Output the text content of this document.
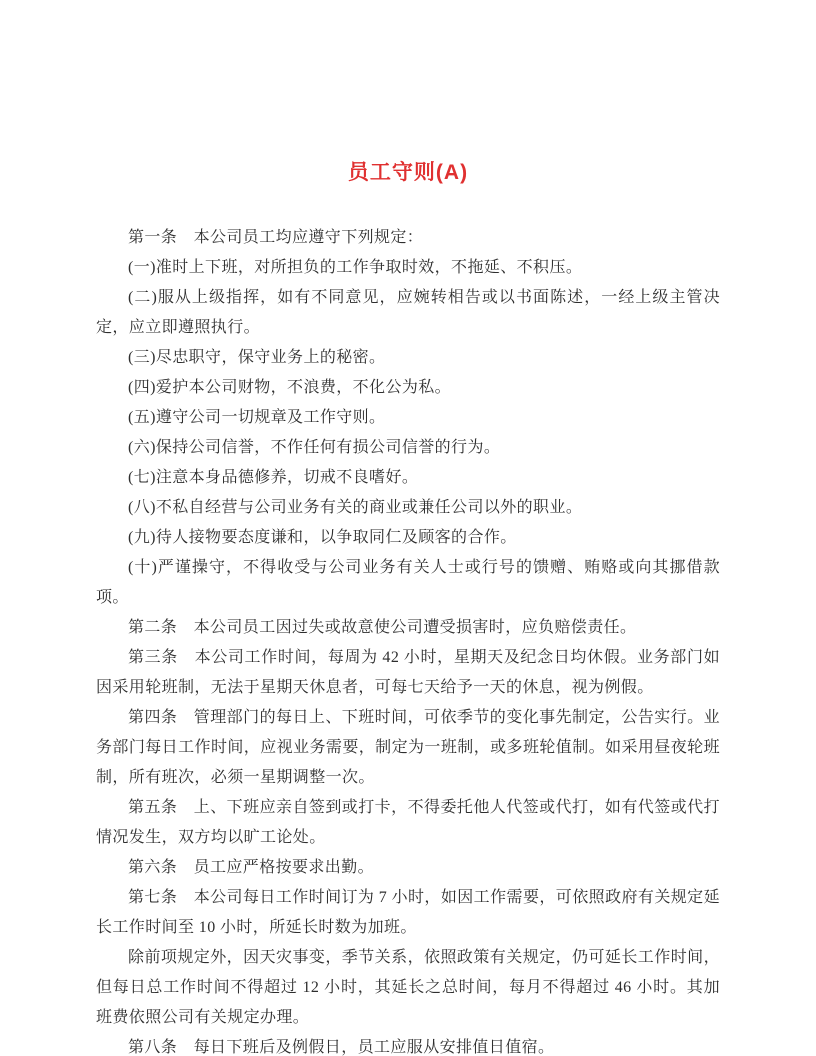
员工守则(A)

第一条　本公司员工均应遵守下列规定：

(一)准时上下班，对所担负的工作争取时效，不拖延、不积压。

(二)服从上级指挥，如有不同意见，应婉转相告或以书面陈述，一经上级主管决定，应立即遵照执行。

(三)尽忠职守，保守业务上的秘密。

(四)爱护本公司财物，不浪费，不化公为私。

(五)遵守公司一切规章及工作守则。

(六)保持公司信誉，不作任何有损公司信誉的行为。

(七)注意本身品德修养，切戒不良嗜好。

(八)不私自经营与公司业务有关的商业或兼任公司以外的职业。

(九)待人接物要态度谦和，以争取同仁及顾客的合作。

(十)严谨操守，不得收受与公司业务有关人士或行号的馈赠、贿赂或向其挪借款项。

第二条　本公司员工因过失或故意使公司遭受损害时，应负赔偿责任。

第三条　本公司工作时间，每周为 42 小时，星期天及纪念日均休假。业务部门如因采用轮班制，无法于星期天休息者，可每七天给予一天的休息，视为例假。

第四条　管理部门的每日上、下班时间，可依季节的变化事先制定，公告实行。业务部门每日工作时间，应视业务需要，制定为一班制，或多班轮值制。如采用昼夜轮班制，所有班次，必须一星期调整一次。

第五条　上、下班应亲自签到或打卡，不得委托他人代签或代打，如有代签或代打情况发生，双方均以旷工论处。

第六条　员工应严格按要求出勤。

第七条　本公司每日工作时间订为 7 小时，如因工作需要，可依照政府有关规定延长工作时间至 10 小时，所延长时数为加班。

除前项规定外，因天灾事变，季节关系，依照政策有关规定，仍可延长工作时间，但每日总工作时间不得超过 12 小时，其延长之总时间，每月不得超过 46 小时。其加班费依照公司有关规定办理。

第八条　每日下班后及例假日，员工应服从安排值日值宿。
